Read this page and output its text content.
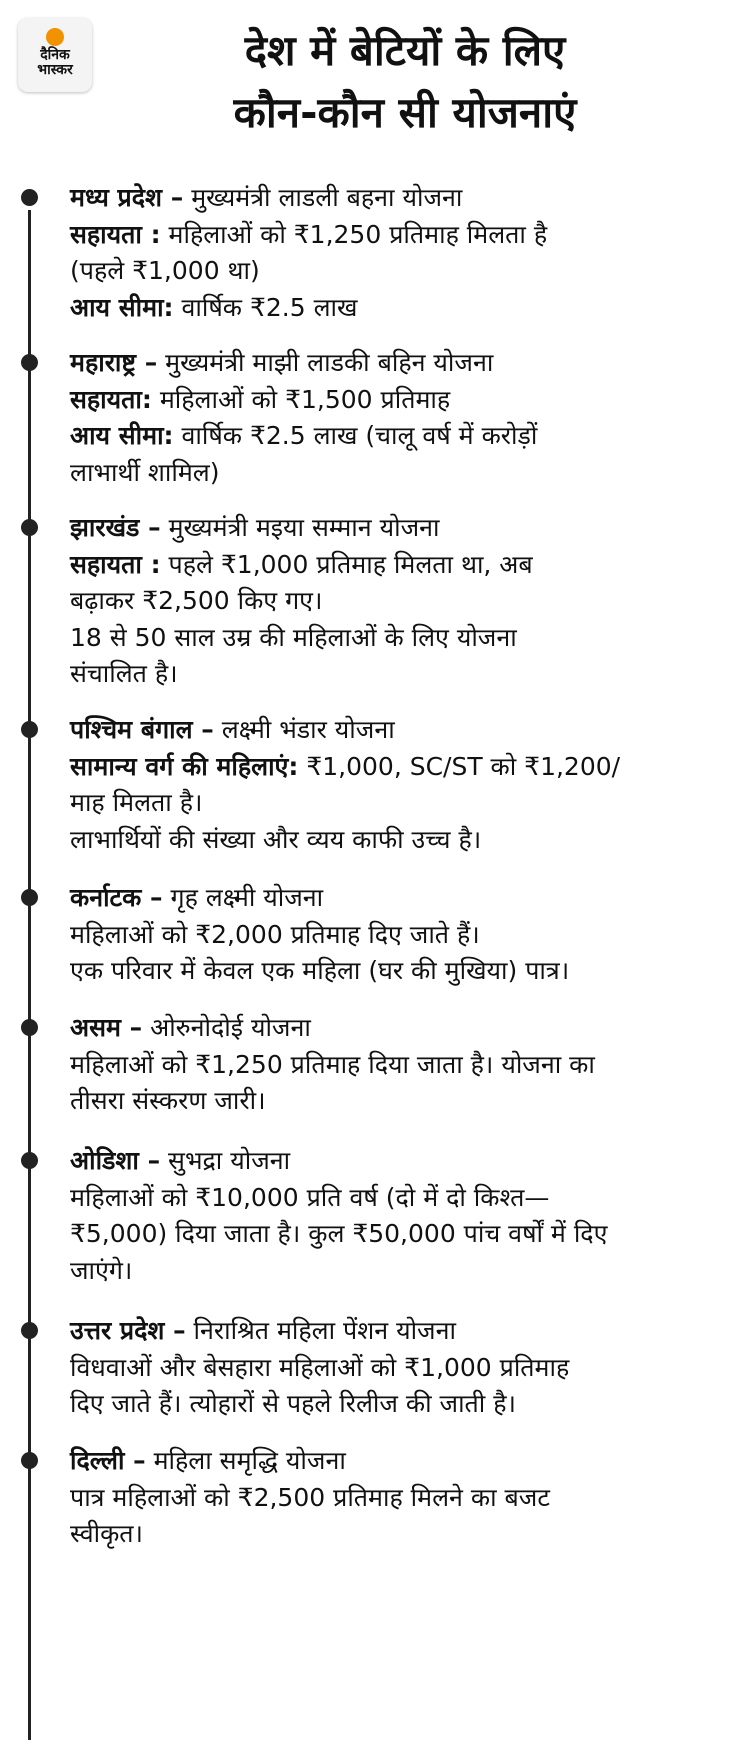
दैनिक
भास्कर	देश में बेटियों के लिए
कौन-कौन सी योजनाएं
मध्य प्रदेश – मुख्यमंत्री लाडली बहना योजना
सहायता : महिलाओं को ₹1,250 प्रतिमाह मिलता है
(पहले ₹1,000 था)
आय सीमा: वार्षिक ₹2.5 लाख
महाराष्ट्र – मुख्यमंत्री माझी लाडकी बहिन योजना
सहायता: महिलाओं को ₹1,500 प्रतिमाह
आय सीमा: वार्षिक ₹2.5 लाख (चालू वर्ष में करोड़ों
लाभार्थी शामिल)
झारखंड – मुख्यमंत्री मइया सम्मान योजना
सहायता : पहले ₹1,000 प्रतिमाह मिलता था, अब
बढ़ाकर ₹2,500 किए गए।
18 से 50 साल उम्र की महिलाओं के लिए योजना
संचालित है।
पश्चिम बंगाल – लक्ष्मी भंडार योजना
सामान्य वर्ग की महिलाएं: ₹1,000, SC/ST को ₹1,200/
माह मिलता है।
लाभार्थियों की संख्या और व्यय काफी उच्च है।
कर्नाटक – गृह लक्ष्मी योजना
महिलाओं को ₹2,000 प्रतिमाह दिए जाते हैं।
एक परिवार में केवल एक महिला (घर की मुखिया) पात्र।
असम – ओरुनोदोई योजना
महिलाओं को ₹1,250 प्रतिमाह दिया जाता है। योजना का
तीसरा संस्करण जारी।
ओडिशा – सुभद्रा योजना
महिलाओं को ₹10,000 प्रति वर्ष (दो में दो किश्त—
₹5,000) दिया जाता है। कुल ₹50,000 पांच वर्षों में दिए
जाएंगे।
उत्तर प्रदेश – निराश्रित महिला पेंशन योजना
विधवाओं और बेसहारा महिलाओं को ₹1,000 प्रतिमाह
दिए जाते हैं। त्योहारों से पहले रिलीज की जाती है।
दिल्ली – महिला समृद्धि योजना
पात्र महिलाओं को ₹2,500 प्रतिमाह मिलने का बजट
स्वीकृत।
